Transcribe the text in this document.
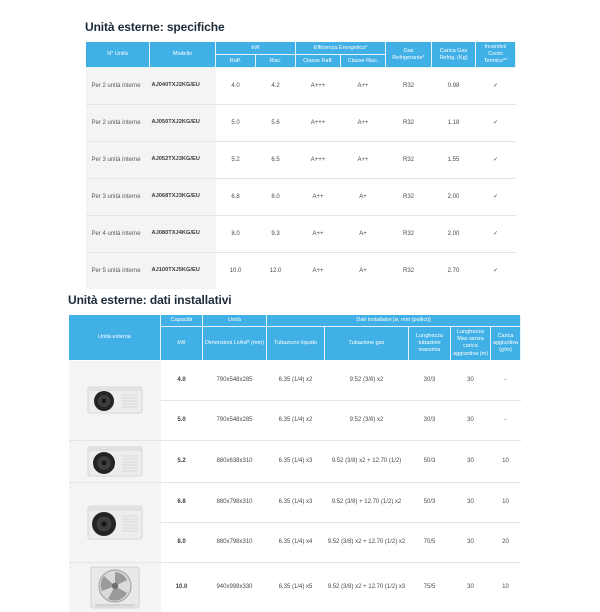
Unità esterne: specifiche
N° Unità	Modello	kW		Efficienza Energetica*		Gas Refrigerante*	Carica Gas Refrig. (Kg)	Incentivi/ Conto Termico**
		Raff.	Risc.	Classe Raff.	Classe Risc.			
Per 2 unità interne	AJ040TXJ2KG/EU	4.0	4.2	A+++	A++	R32	0.98	✓
Per 2 unità interne	AJ050TXJ2KG/EU	5.0	5.6	A+++	A++	R32	1.18	✓
Per 3 unità interne	AJ052TXJ3KG/EU	5.2	6.5	A+++	A++	R32	1.55	✓
Per 3 unità interne	AJ068TXJ3KG/EU	6.8	8.0	A++	A+	R32	2.00	✓
Per 4 unità interne	AJ080TXJ4KG/EU	8.0	9.3	A++	A+	R32	2.00	✓
Per 5 unità interne	AJ100TXJ5KG/EU	10.0	12.0	A++	A+	R32	2.70	✓
Unità esterne: dati installativi
Unità esterna	Capacità	Unità	Dati installativi [ø, mm (pollici)]				
	kW	Dimensioni LxAxP (mm)	Tubazione liquido	Tubazione gas	Lunghezza tubazioni massima	Lunghezza Max senza carica aggiuntiva (m)	Carica aggiuntiva (g/m)

	4.0	790x548x285	6.35 (1/4) x2	9.52 (3/8) x2	30/3	30	-
	5.0	790x548x285	6.35 (1/4) x2	9.52 (3/8) x2	30/3	30	-

	5.2	880x638x310	6.35 (1/4) x3	9.52 (3/8) x2 + 12.70 (1/2)	50/3	30	10

	6.8	880x798x310	6.35 (1/4) x3	9.52 (3/8) + 12.70 (1/2) x2	50/3	30	10
	8.0	880x798x310	6.35 (1/4) x4	9.52 (3/8) x2 + 12.70 (1/2) x2	70/5	30	20

	10.0	940x998x330	6.35 (1/4) x5	9.52 (3/8) x2 + 12.70 (1/2) x3	75/5	30	10
